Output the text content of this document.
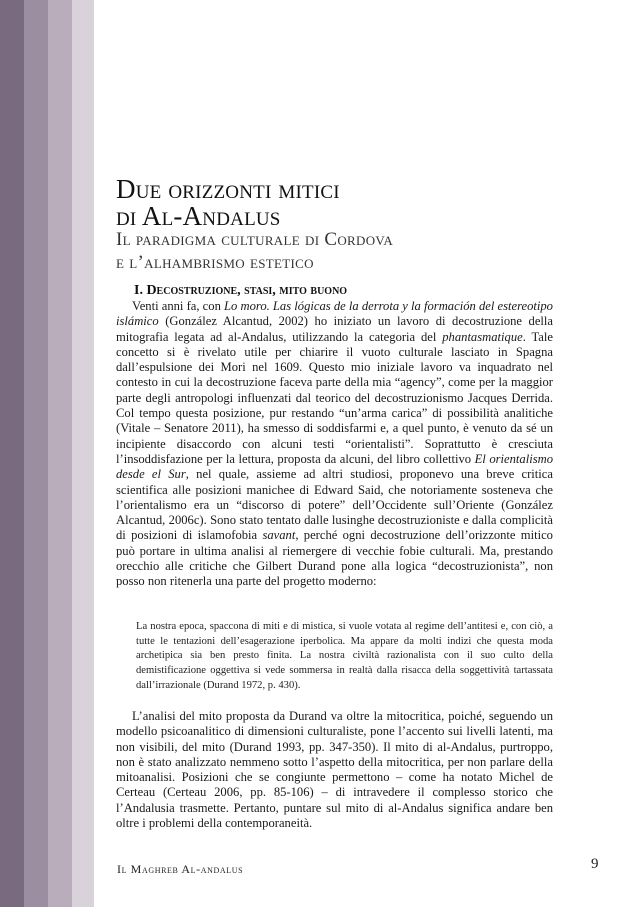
Due orizzonti mitici
di Al-Andalus
Il paradigma culturale di Cordova
e l’alhambrismo estetico
I. Decostruzione, stasi, mito buono

Venti anni fa, con Lo moro. Las lógicas de la derrota y la formación del estereotipo islámico (González Alcantud, 2002) ho iniziato un lavoro di decostruzione della mitografia legata ad al-Andalus, utilizzando la categoria del phantasmatique. Tale concetto si è rivelato utile per chiarire il vuoto culturale lasciato in Spagna dall’espulsione dei Mori nel 1609. Questo mio iniziale lavoro va inquadrato nel contesto in cui la decostruzione faceva parte della mia “agency”, come per la maggior parte degli antropologi influenzati dal teorico del decostruzionismo Jacques Derrida. Col tempo questa posizione, pur restando “un’arma carica” di possibilità analitiche (Vitale – Senatore 2011), ha smesso di soddisfarmi e, a quel punto, è venuto da sé un incipiente disaccordo con alcuni testi “orientalisti”. Soprattutto è cresciuta l’insoddisfazione per la lettura, proposta da alcuni, del libro collettivo El orientalismo desde el Sur, nel quale, assieme ad altri studiosi, proponevo una breve critica scientifica alle posizioni manichee di Edward Said, che notoriamente sosteneva che l’orientalismo era un “discorso di potere” dell’Occidente sull’Oriente (González Alcantud, 2006c). Sono stato tentato dalle lusinghe decostruzioniste e dalla complicità di posizioni di islamofobia savant, perché ogni decostruzione dell’orizzonte mitico può portare in ultima analisi al riemergere di vecchie fobie culturali. Ma, prestando orecchio alle critiche che Gilbert Durand pone alla logica “decostruzionista”, non posso non ritenerla una parte del progetto moderno:

La nostra epoca, spaccona di miti e di mistica, si vuole votata al regime dell’antitesi e, con ciò, a tutte le tentazioni dell’esagerazione iperbolica. Ma appare da molti indizi che questa moda archetipica sia ben presto finita. La nostra civiltà razionalista con il suo culto della demistificazione oggettiva si vede sommersa in realtà dalla risacca della soggettività tartassata dall’irrazionale (Durand 1972, p. 430).

L’analisi del mito proposta da Durand va oltre la mitocritica, poiché, seguendo un modello psicoanalitico di dimensioni culturaliste, pone l’accento sui livelli latenti, ma non visibili, del mito (Durand 1993, pp. 347-350). Il mito di al-Andalus, purtroppo, non è stato analizzato nemmeno sotto l’aspetto della mitocritica, per non parlare della mitoanalisi. Posizioni che se congiunte permettono – come ha notato Michel de Certeau (Certeau 2006, pp. 85-106) – di intravedere il complesso storico che l’Andalusia trasmette. Pertanto, puntare sul mito di al-Andalus significa andare ben oltre i problemi della contemporaneità.

Il Maghreb Al-andalus	9
